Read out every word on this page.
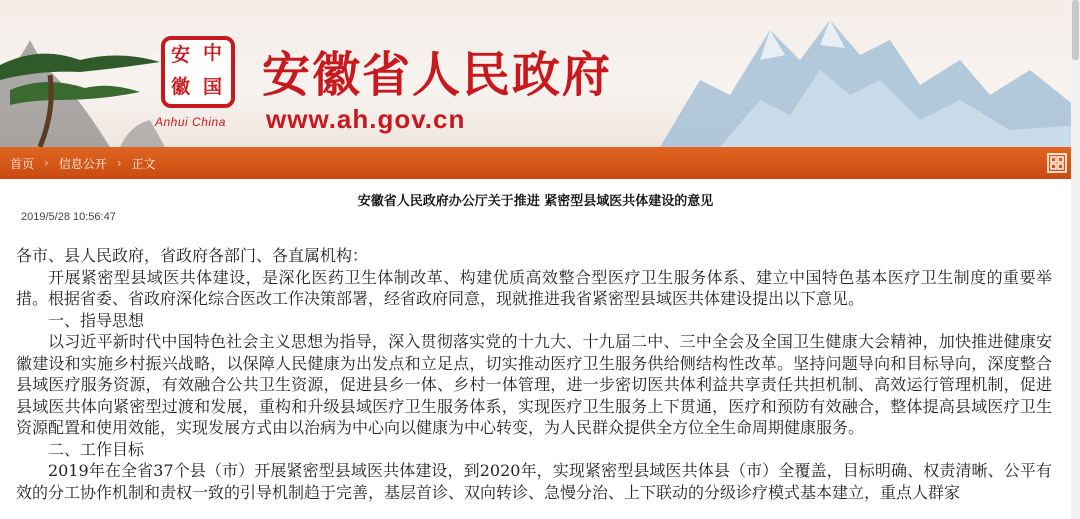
安 中
徽 国
Anhui China
安徽省人民政府
www.ah.gov.cn
首页 › 信息公开 › 正文
安徽省人民政府办公厅关于推进 紧密型县域医共体建设的意见
2019/5/28 10:56:47

各市、县人民政府，省政府各部门、各直属机构：

开展紧密型县域医共体建设，是深化医药卫生体制改革、构建优质高效整合型医疗卫生服务体系、建立中国特色基本医疗卫生制度的重要举措。根据省委、省政府深化综合医改工作决策部署，经省政府同意，现就推进我省紧密型县域医共体建设提出以下意见。

一、指导思想

以习近平新时代中国特色社会主义思想为指导，深入贯彻落实党的十九大、十九届二中、三中全会及全国卫生健康大会精神，加快推进健康安徽建设和实施乡村振兴战略，以保障人民健康为出发点和立足点，切实推动医疗卫生服务供给侧结构性改革。坚持问题导向和目标导向，深度整合县域医疗服务资源，有效融合公共卫生资源，促进县乡一体、乡村一体管理，进一步密切医共体利益共享责任共担机制、高效运行管理机制，促进县域医共体向紧密型过渡和发展，重构和升级县域医疗卫生服务体系，实现医疗卫生服务上下贯通，医疗和预防有效融合，整体提高县域医疗卫生资源配置和使用效能，实现发展方式由以治病为中心向以健康为中心转变，为人民群众提供全方位全生命周期健康服务。

二、工作目标

2019年在全省37个县（市）开展紧密型县域医共体建设，到2020年，实现紧密型县域医共体县（市）全覆盖，目标明确、权责清晰、公平有效的分工协作机制和责权一致的引导机制趋于完善，基层首诊、双向转诊、急慢分治、上下联动的分级诊疗模式基本建立，重点人群家
